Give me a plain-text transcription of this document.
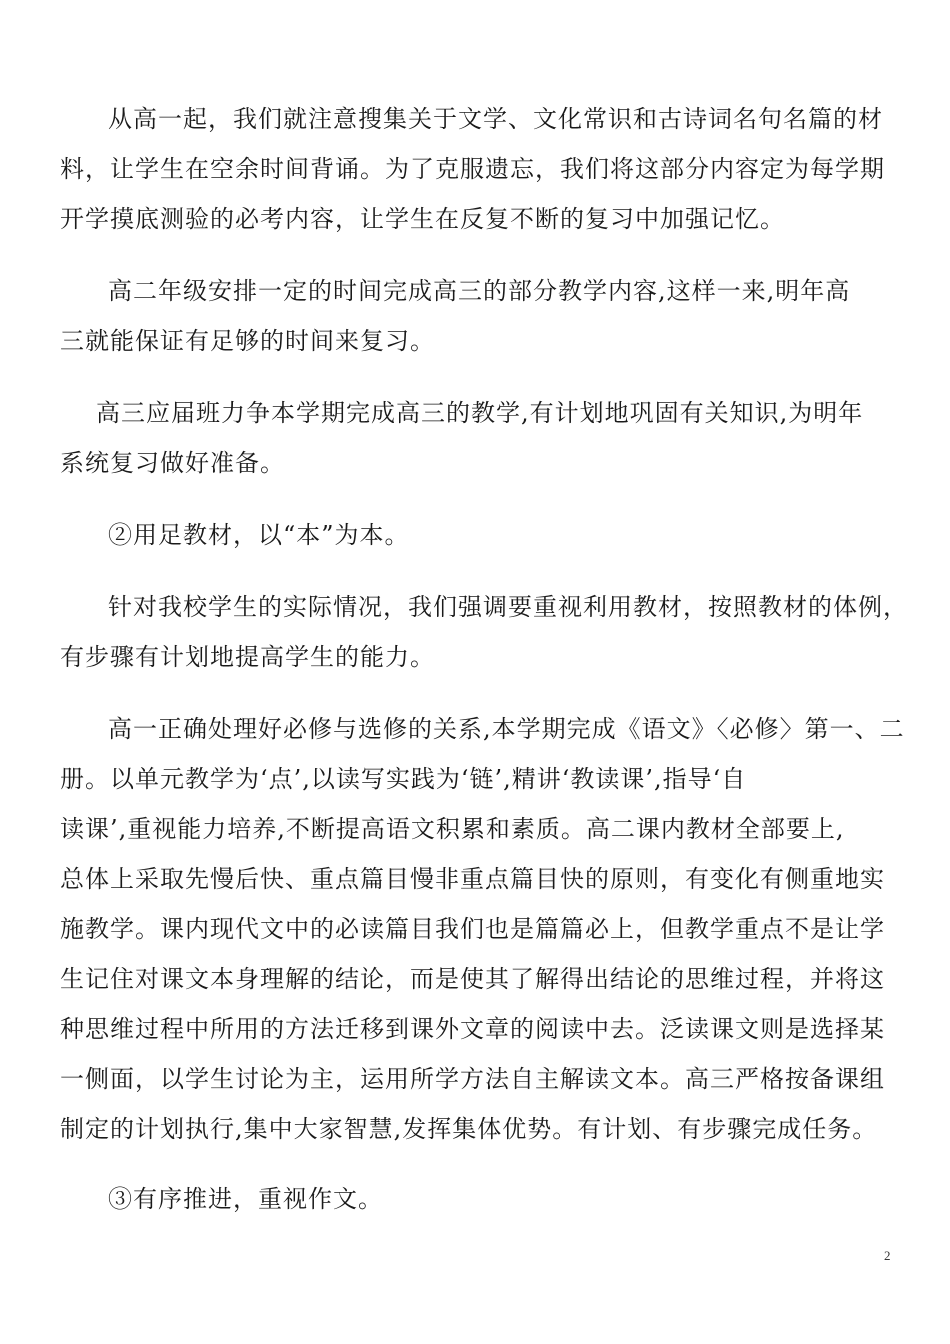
从高一起，我们就注意搜集关于文学、文化常识和古诗词名句名篇的材
料，让学生在空余时间背诵。为了克服遗忘，我们将这部分内容定为每学期
开学摸底测验的必考内容，让学生在反复不断的复习中加强记忆。
高二年级安排一定的时间完成高三的部分教学内容,这样一来,明年高
三就能保证有足够的时间来复习。
高三应届班力争本学期完成高三的教学,有计划地巩固有关知识,为明年
系统复习做好准备。
②用足教材，以“本”为本。
针对我校学生的实际情况，我们强调要重视利用教材，按照教材的体例，
有步骤有计划地提高学生的能力。
高一正确处理好必修与选修的关系,本学期完成《语文》〈必修〉第一、二
册。以单元教学为‘点’,以读写实践为‘链’,精讲‘教读课’,指导‘自
读课’,重视能力培养,不断提高语文积累和素质。高二课内教材全部要上,
总体上采取先慢后快、重点篇目慢非重点篇目快的原则，有变化有侧重地实
施教学。课内现代文中的必读篇目我们也是篇篇必上，但教学重点不是让学
生记住对课文本身理解的结论，而是使其了解得出结论的思维过程，并将这
种思维过程中所用的方法迁移到课外文章的阅读中去。泛读课文则是选择某
一侧面，以学生讨论为主，运用所学方法自主解读文本。高三严格按备课组
制定的计划执行,集中大家智慧,发挥集体优势。有计划、有步骤完成任务。
③有序推进，重视作文。
2
